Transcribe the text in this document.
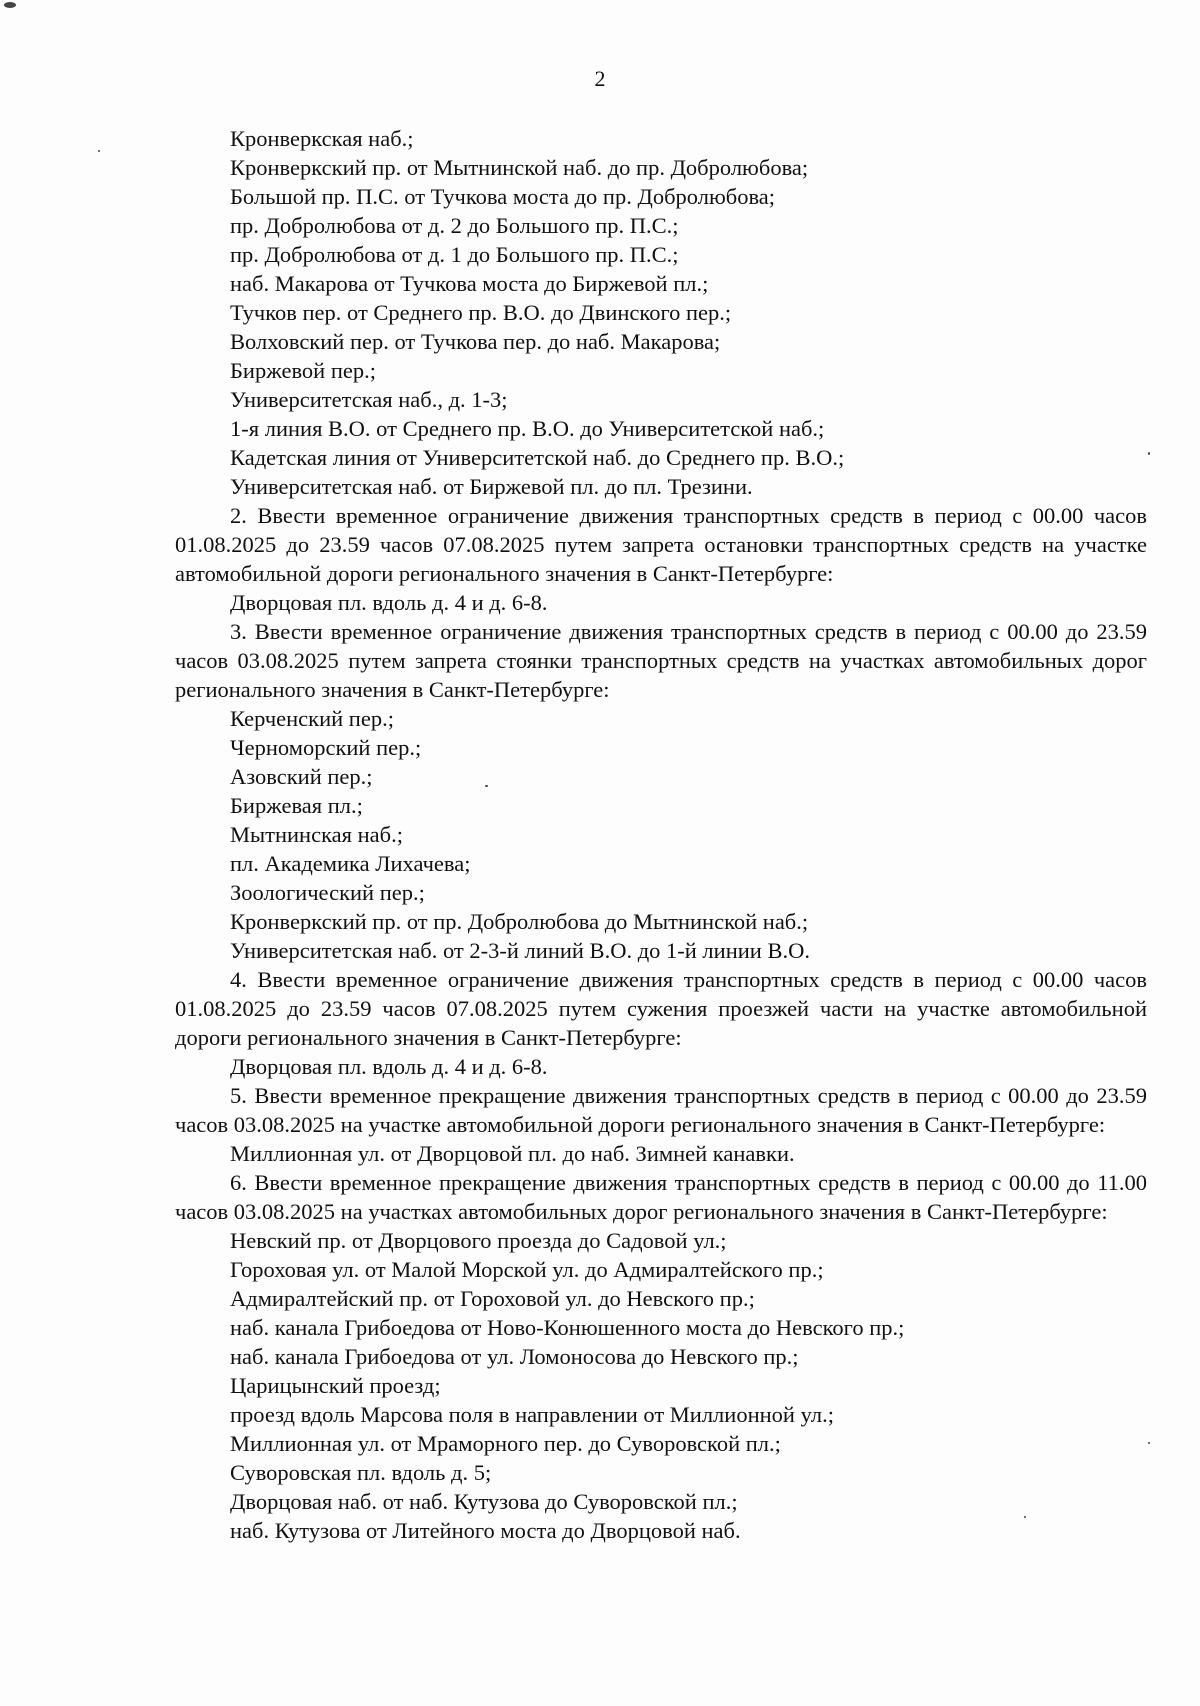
2
Кронверкская наб.;
Кронверкский пр. от Мытнинской наб. до пр. Добролюбова;
Большой пр. П.С. от Тучкова моста до пр. Добролюбова;
пр. Добролюбова от д. 2 до Большого пр. П.С.;
пр. Добролюбова от д. 1 до Большого пр. П.С.;
наб. Макарова от Тучкова моста до Биржевой пл.;
Тучков пер. от Среднего пр. В.О. до Двинского пер.;
Волховский пер. от Тучкова пер. до наб. Макарова;
Биржевой пер.;
Университетская наб., д. 1-3;
1-я линия В.О. от Среднего пр. В.О. до Университетской наб.;
Кадетская линия от Университетской наб. до Среднего пр. В.О.;
Университетская наб. от Биржевой пл. до пл. Трезини.

2. Ввести временное ограничение движения транспортных средств в период с 00.00 часов 01.08.2025 до 23.59 часов 07.08.2025 путем запрета остановки транспортных средств на участке автомобильной дороги регионального значения в Санкт-Петербурге:

Дворцовая пл. вдоль д. 4 и д. 6-8.

3. Ввести временное ограничение движения транспортных средств в период с 00.00 до 23.59 часов 03.08.2025 путем запрета стоянки транспортных средств на участках автомобильных дорог регионального значения в Санкт-Петербурге:

Керченский пер.;
Черноморский пер.;
Азовский пер.;
Биржевая пл.;
Мытнинская наб.;
пл. Академика Лихачева;
Зоологический пер.;
Кронверкский пр. от пр. Добролюбова до Мытнинской наб.;
Университетская наб. от 2-3-й линий В.О. до 1-й линии В.О.

4. Ввести временное ограничение движения транспортных средств в период с 00.00 часов 01.08.2025 до 23.59 часов 07.08.2025 путем сужения проезжей части на участке автомобильной дороги регионального значения в Санкт-Петербурге:

Дворцовая пл. вдоль д. 4 и д. 6-8.

5. Ввести временное прекращение движения транспортных средств в период с 00.00 до 23.59 часов 03.08.2025 на участке автомобильной дороги регионального значения в Санкт-Петербурге:

Миллионная ул. от Дворцовой пл. до наб. Зимней канавки.

6. Ввести временное прекращение движения транспортных средств в период с 00.00 до 11.00 часов 03.08.2025 на участках автомобильных дорог регионального значения в Санкт-Петербурге:

Невский пр. от Дворцового проезда до Садовой ул.;
Гороховая ул. от Малой Морской ул. до Адмиралтейского пр.;
Адмиралтейский пр. от Гороховой ул. до Невского пр.;
наб. канала Грибоедова от Ново-Конюшенного моста до Невского пр.;
наб. канала Грибоедова от ул. Ломоносова до Невского пр.;
Царицынский проезд;
проезд вдоль Марсова поля в направлении от Миллионной ул.;
Миллионная ул. от Мраморного пер. до Суворовской пл.;
Суворовская пл. вдоль д. 5;
Дворцовая наб. от наб. Кутузова до Суворовской пл.;
наб. Кутузова от Литейного моста до Дворцовой наб.
